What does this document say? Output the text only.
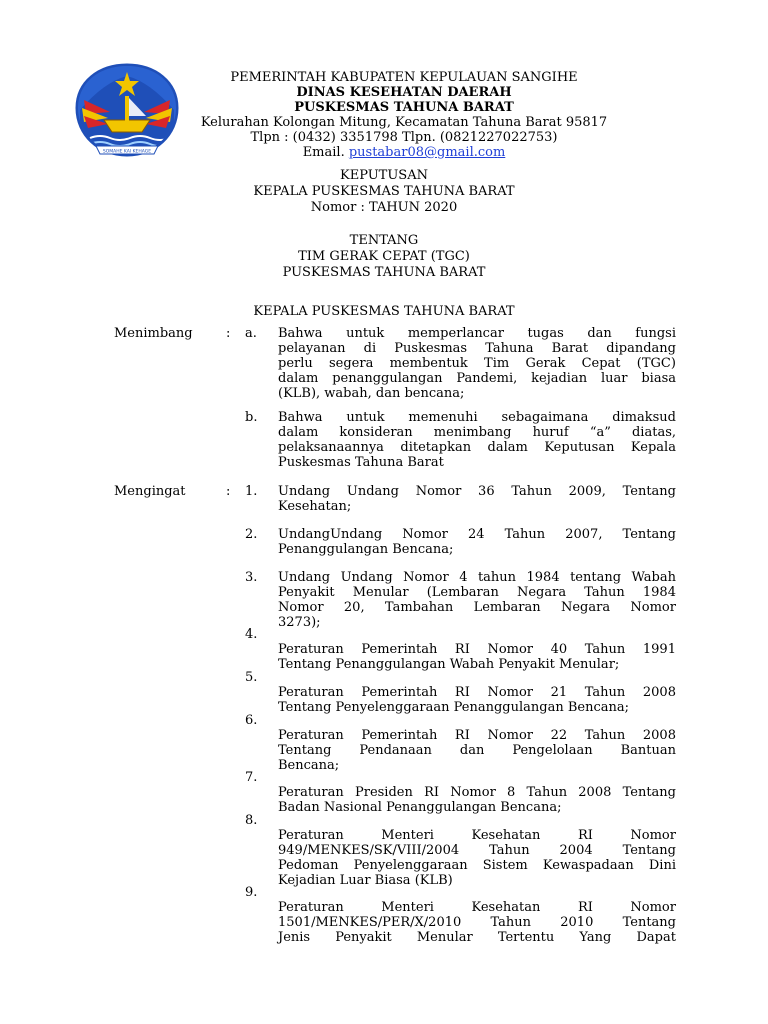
SOMAHE KAI KEHAGE
PEMERINTAH KABUPATEN KEPULAUAN SANGIHE
DINAS KESEHATAN DAERAH
PUSKESMAS TAHUNA BARAT
Kelurahan Kolongan Mitung, Kecamatan Tahuna Barat 95817
Tlpn : (0432) 3351798 Tlpn. (0821227022753)
Email. pustabar08@gmail.com
KEPUTUSAN
KEPALA PUSKESMAS TAHUNA BARAT
Nomor : TAHUN 2020
TENTANG
TIM GERAK CEPAT (TGC)
PUSKESMAS TAHUNA BARAT
KEPALA PUSKESMAS TAHUNA BARAT
Menimbang	: a. Bahwa untuk memperlancar tugas dan fungsi
pelayanan di Puskesmas Tahuna Barat dipandang
perlu segera membentuk Tim Gerak Cepat (TGC)
dalam penanggulangan Pandemi, kejadian luar biasa
(KLB), wabah, dan bencana;
b. Bahwa untuk memenuhi sebagaimana dimaksud
dalam konsideran menimbang huruf “a” diatas,
pelaksanaannya ditetapkan dalam Keputusan Kepala
Puskesmas Tahuna Barat
Mengingat	: 1. Undang Undang Nomor 36 Tahun 2009, Tentang
Kesehatan;
2. UndangUndang Nomor 24 Tahun 2007, Tentang
Penanggulangan Bencana;
3. Undang Undang Nomor 4 tahun 1984 tentang Wabah
Penyakit Menular (Lembaran Negara Tahun 1984
Nomor 20, Tambahan Lembaran Negara Nomor
3273);
4.
Peraturan Pemerintah RI Nomor 40 Tahun 1991
Tentang Penanggulangan Wabah Penyakit Menular;
5.
Peraturan Pemerintah RI Nomor 21 Tahun 2008
Tentang Penyelenggaraan Penanggulangan Bencana;
6.
Peraturan Pemerintah RI Nomor 22 Tahun 2008
Tentang Pendanaan dan Pengelolaan Bantuan
Bencana;
7.
Peraturan Presiden RI Nomor 8 Tahun 2008 Tentang
Badan Nasional Penanggulangan Bencana;
8.
Peraturan	Menteri	Kesehatan	RI	Nomor
949/MENKES/SK/VIII/2004 Tahun 2004 Tentang
Pedoman Penyelenggaraan Sistem Kewaspadaan Dini
Kejadian Luar Biasa (KLB)
9.
Peraturan	Menteri	Kesehatan	RI	Nomor
1501/MENKES/PER/X/2010 Tahun 2010 Tentang
Jenis Penyakit Menular Tertentu Yang Dapat
